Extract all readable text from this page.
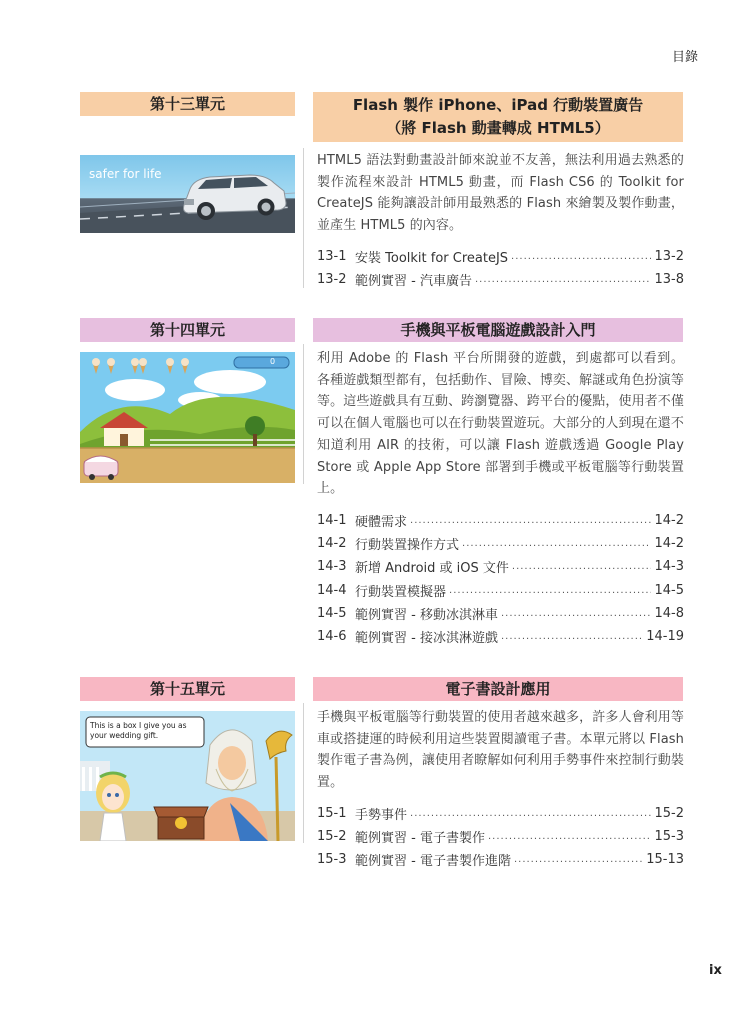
目錄
第十三單元	Flash 製作 iPhone、iPad 行動裝置廣告
（將 Flash 動畫轉成 HTML5）
safer for life

HTML5 語法對動畫設計師來說並不友善，無法利用過去熟悉的製作流程來設計 HTML5 動畫，而 Flash CS6 的 Toolkit for CreateJS 能夠讓設計師用最熟悉的 Flash 來繪製及製作動畫，並產生 HTML5 的內容。

13-1 安裝 Toolkit for CreateJS .....	13-2
13-2 範例實習 - 汽車廣告 .....	13-8
第十四單元	手機與平板電腦遊戲設計入門
0	利用 Adobe 的 Flash 平台所開發的遊戲，到處都可以看到。各種遊戲類型都有，包括動作、冒險、博奕、解謎或角色扮演等等。這些遊戲具有互動、跨瀏覽器、跨平台的優點，使用者不僅可以在個人電腦也可以在行動裝置遊玩。大部分的人到現在還不知道利用 AIR 的技術，可以讓 Flash 遊戲透過 Google Play Store 或 Apple App Store 部署到手機或平板電腦等行動裝置上。

14-1 硬體需求 .....	14-2
14-2 行動裝置操作方式 .....	14-2
14-3 新增 Android 或 iOS 文件 .....	14-3
14-4 行動裝置模擬器 .....	14-5
14-5 範例實習 - 移動冰淇淋車 .....	14-8
14-6 範例實習 - 接冰淇淋遊戲 .....	14-19
第十五單元	電子書設計應用
This is a box I give you as your wedding gift.

手機與平板電腦等行動裝置的使用者越來越多，許多人會利用等車或搭捷運的時候利用這些裝置閱讀電子書。本單元將以 Flash 製作電子書為例，讓使用者瞭解如何利用手勢事件來控制行動裝置。

15-1 手勢事件 .....	15-2
15-2 範例實習 - 電子書製作 .....	15-3
15-3 範例實習 - 電子書製作進階 .....	15-13
ix
